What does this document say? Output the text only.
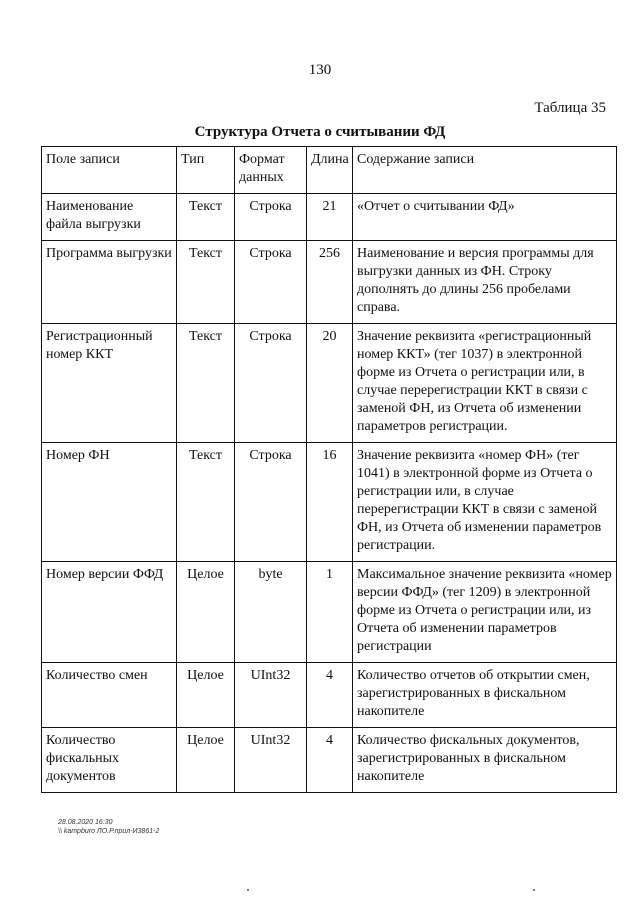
130
Таблица 35
Структура Отчета о считывании ФД
Поле записи	Тип	Формат данных	Длина	Содержание записи
Наименование файла выгрузки	Текст	Строка	21	«Отчет о считывании ФД»
Программа выгрузки	Текст	Строка	256	Наименование и версия программы для выгрузки данных из ФН. Строку дополнять до длины 256 пробелами справа.
Регистрационный номер ККТ	Текст	Строка	20	Значение реквизита «регистрационный номер ККТ» (тег 1037) в электронной форме из Отчета о регистрации или, в случае перерегистрации ККТ в связи с заменой ФН, из Отчета об изменении параметров регистрации.
Номер ФН	Текст	Строка	16	Значение реквизита «номер ФН» (тег 1041) в электронной форме из Отчета о регистрации или, в случае перерегистрации ККТ в связи с заменой ФН, из Отчета об изменении параметров регистрации.
Номер версии ФФД	Целое	byte	1	Максимальное значение реквизита «номер версии ФФД» (тег 1209) в электронной форме из Отчета о регистрации или, из Отчета об изменении параметров регистрации
Количество смен	Целое	UInt32	4	Количество отчетов об открытии смен, зарегистрированных в фискальном накопителе
Количество фискальных документов	Целое	UInt32	4	Количество фискальных документов, зарегистрированных в фискальном накопителе
28.08.2020 16:30
\\ kampburo ЛО.Р.прил-И3861-2
